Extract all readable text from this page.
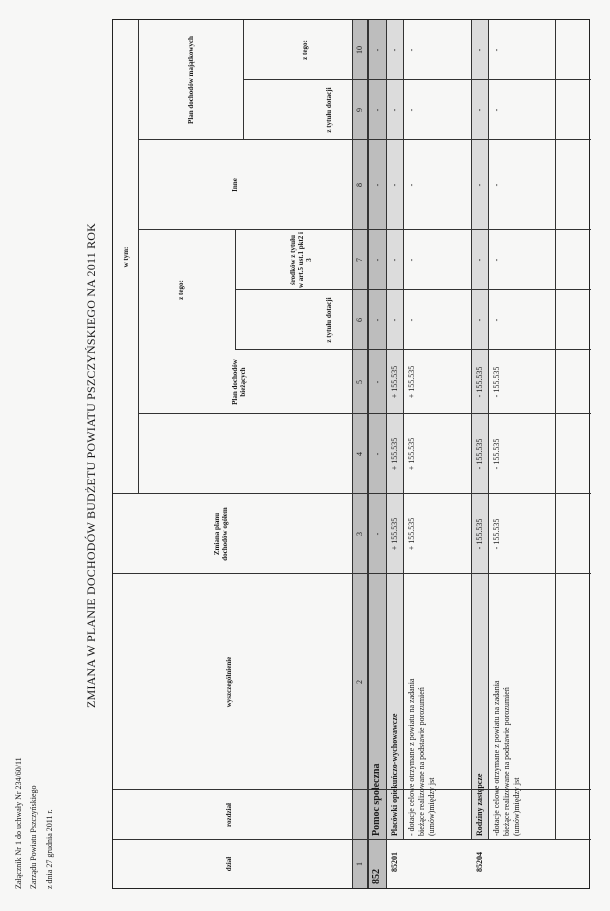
Załącznik Nr 1 do uchwały Nr 234/60/11 Zarządu Powiatu Pszczyńskiego z dnia 27 grudnia 2011 r.
ZMIANA W PLANIE DOCHODÓW BUDŻETU POWIATU PSZCZYŃSKIEGO NA 2011 ROK
dział
rozdział
wyszczególnienie
Zmiana planu dochodów ogółem
w tym:
Plan dochodów bieżących
z tego:
z tytułu dotacji
środków z tytułu w art.5 ust.1 pkt2 i 3
Inne
Plan dochodów majątkowych	z tytułu dotacji
z tego:
1
2
3
4
5
6
7
8
9
10
852
Pomoc społeczna
-
-
-
-
-
-
-
-
85201
Placówki opiekuńczo-wychowawcze
+ 155.535
+ 155.535
+ 155.535
-
-
-
-
-
- dotacje celowe otrzymane z powiatu na zadania bieżące realizowane na podstawie porozumień (umów)między jst
+ 155.535
+ 155.535
+ 155.535
-
-
-
-
-
85204
Rodziny zastępcze
- 155.535
- 155.535
- 155.535
-
-
-
-
-
-dotacje celowe otrzymane z powiatu na zadania bieżące realizowane na podstawie porozumień (umów)między jst
- 155.535
- 155.535
- 155.535
-
-
-
-
-
